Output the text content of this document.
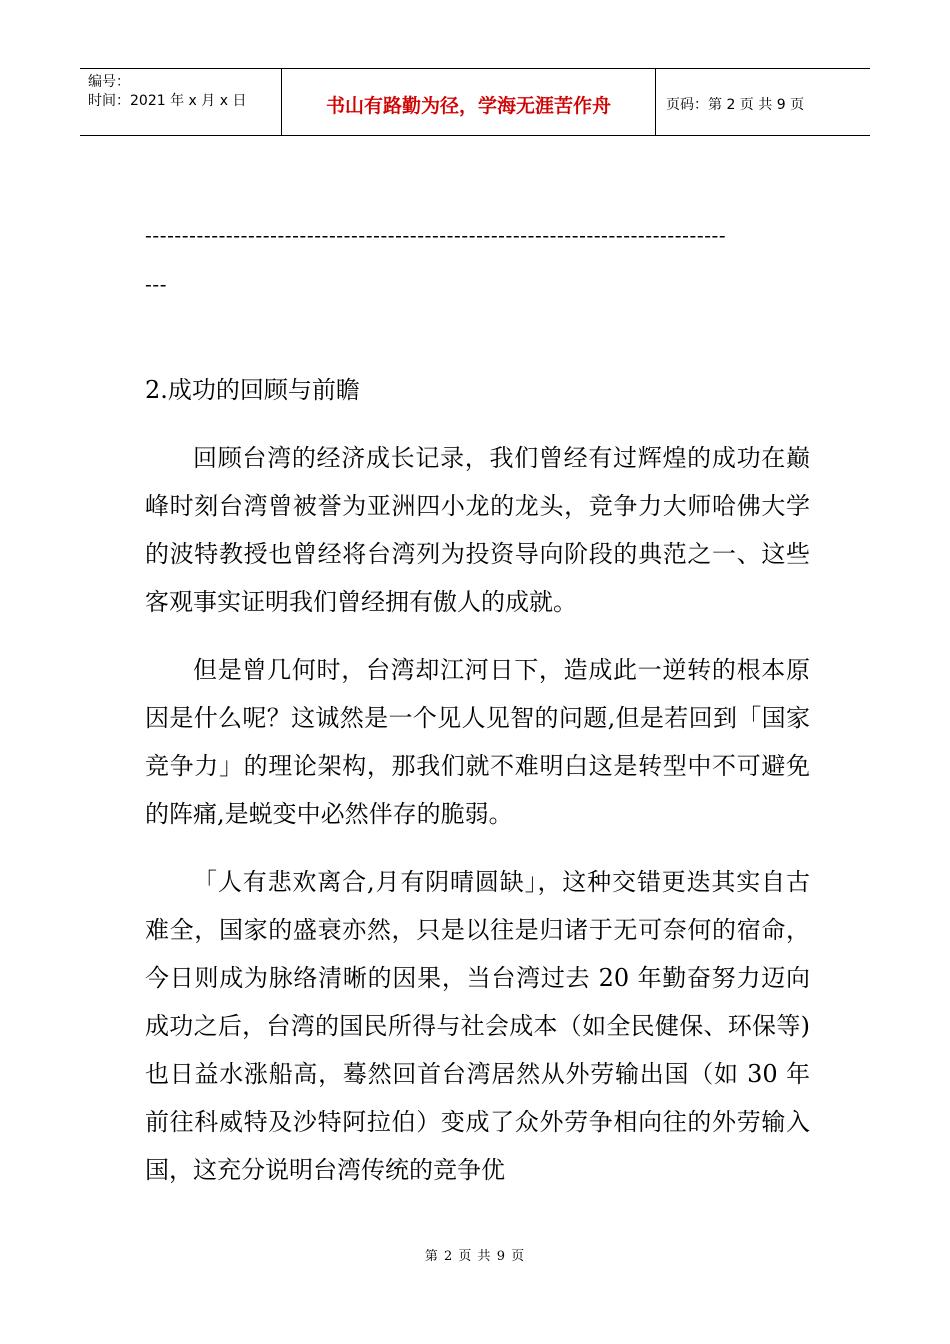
编号：
时间：2021 年 x 月 x 日	书山有路勤为径，学海无涯苦作舟	页码：第 2 页 共 9 页
-------------------------------------------------------------------------------
---

2.成功的回顾与前瞻

回顾台湾的经济成长记录，我们曾经有过辉煌的成功在巅峰时刻台湾曾被誉为亚洲四小龙的龙头，竞争力大师哈佛大学的波特教授也曾经将台湾列为投资导向阶段的典范之一、这些客观事实证明我们曾经拥有傲人的成就。

但是曾几何时，台湾却江河日下，造成此一逆转的根本原因是什么呢？这诚然是一个见人见智的问题,但是若回到「国家竞争力」的理论架构，那我们就不难明白这是转型中不可避免的阵痛,是蜕变中必然伴存的脆弱。

「人有悲欢离合,月有阴晴圆缺」，这种交错更迭其实自古难全，国家的盛衰亦然，只是以往是归诸于无可奈何的宿命，今日则成为脉络清晰的因果，当台湾过去 20 年勤奋努力迈向成功之后，台湾的国民所得与社会成本（如全民健保、环保等)也日益水涨船高，蓦然回首台湾居然从外劳输出国（如 30 年前往科威特及沙特阿拉伯）变成了众外劳争相向往的外劳输入国，这充分说明台湾传统的竞争优

第 2 页 共 9 页
